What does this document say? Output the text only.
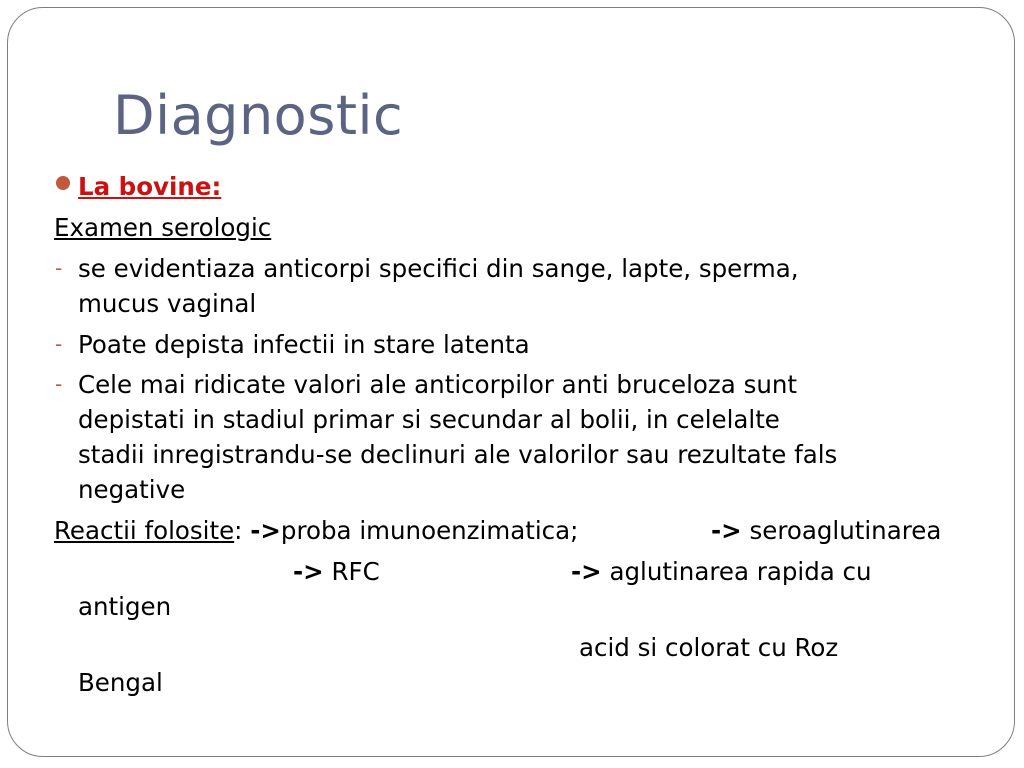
Diagnostic
La bovine:
Examen serologic
- se evidentiaza anticorpi specifici din sange, lapte, sperma,
mucus vaginal
- Poate depista infectii in stare latenta
- Cele mai ridicate valori ale anticorpilor anti bruceloza sunt
depistati in stadiul primar si secundar al bolii, in celelalte
stadii inregistrandu-se declinuri ale valorilor sau rezultate fals
negative
Reactii folosite: ->proba imunoenzimatica;	-> seroaglutinarea
-> RFC	-> aglutinarea rapida cu
antigen
acid si colorat cu Roz
Bengal
